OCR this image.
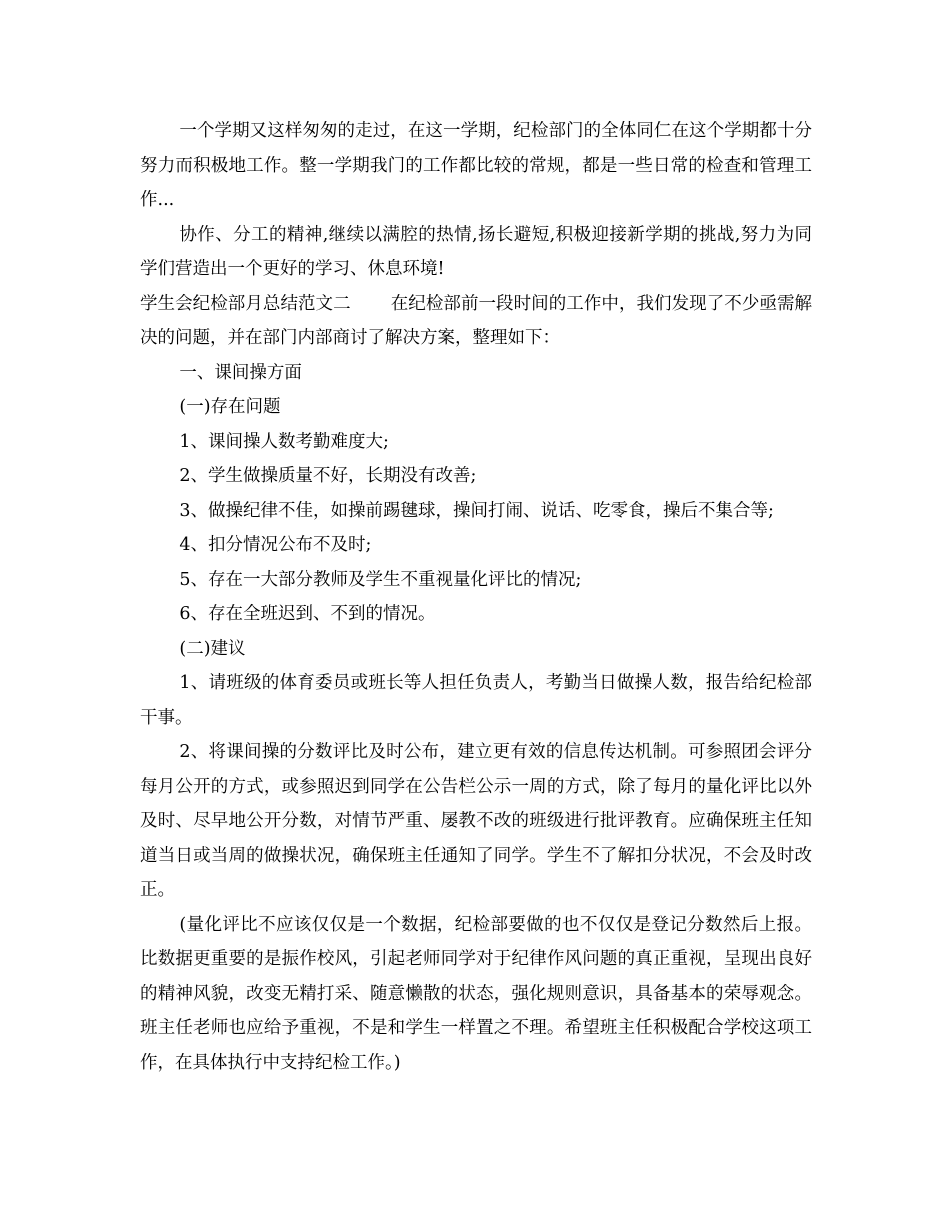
一个学期又这样匆匆的走过，在这一学期，纪检部门的全体同仁在这个学期都十分努力而积极地工作。整一学期我门的工作都比较的常规，都是一些日常的检查和管理工作...

协作、分工的精神,继续以满腔的热情,扬长避短,积极迎接新学期的挑战,努力为同学们营造出一个更好的学习、休息环境!

学生会纪检部月总结范文二 在纪检部前一段时间的工作中，我们发现了不少亟需解决的问题，并在部门内部商讨了解决方案，整理如下：

一、课间操方面

(一)存在问题

1、课间操人数考勤难度大;

2、学生做操质量不好，长期没有改善;

3、做操纪律不佳，如操前踢毽球，操间打闹、说话、吃零食，操后不集合等;

4、扣分情况公布不及时;

5、存在一大部分教师及学生不重视量化评比的情况;

6、存在全班迟到、不到的情况。

(二)建议

1、请班级的体育委员或班长等人担任负责人，考勤当日做操人数，报告给纪检部干事。

2、将课间操的分数评比及时公布，建立更有效的信息传达机制。可参照团会评分每月公开的方式，或参照迟到同学在公告栏公示一周的方式，除了每月的量化评比以外及时、尽早地公开分数，对情节严重、屡教不改的班级进行批评教育。应确保班主任知道当日或当周的做操状况，确保班主任通知了同学。学生不了解扣分状况，不会及时改正。

(量化评比不应该仅仅是一个数据，纪检部要做的也不仅仅是登记分数然后上报。比数据更重要的是振作校风，引起老师同学对于纪律作风问题的真正重视，呈现出良好的精神风貌，改变无精打采、随意懒散的状态，强化规则意识，具备基本的荣辱观念。班主任老师也应给予重视，不是和学生一样置之不理。希望班主任积极配合学校这项工作，在具体执行中支持纪检工作。)
